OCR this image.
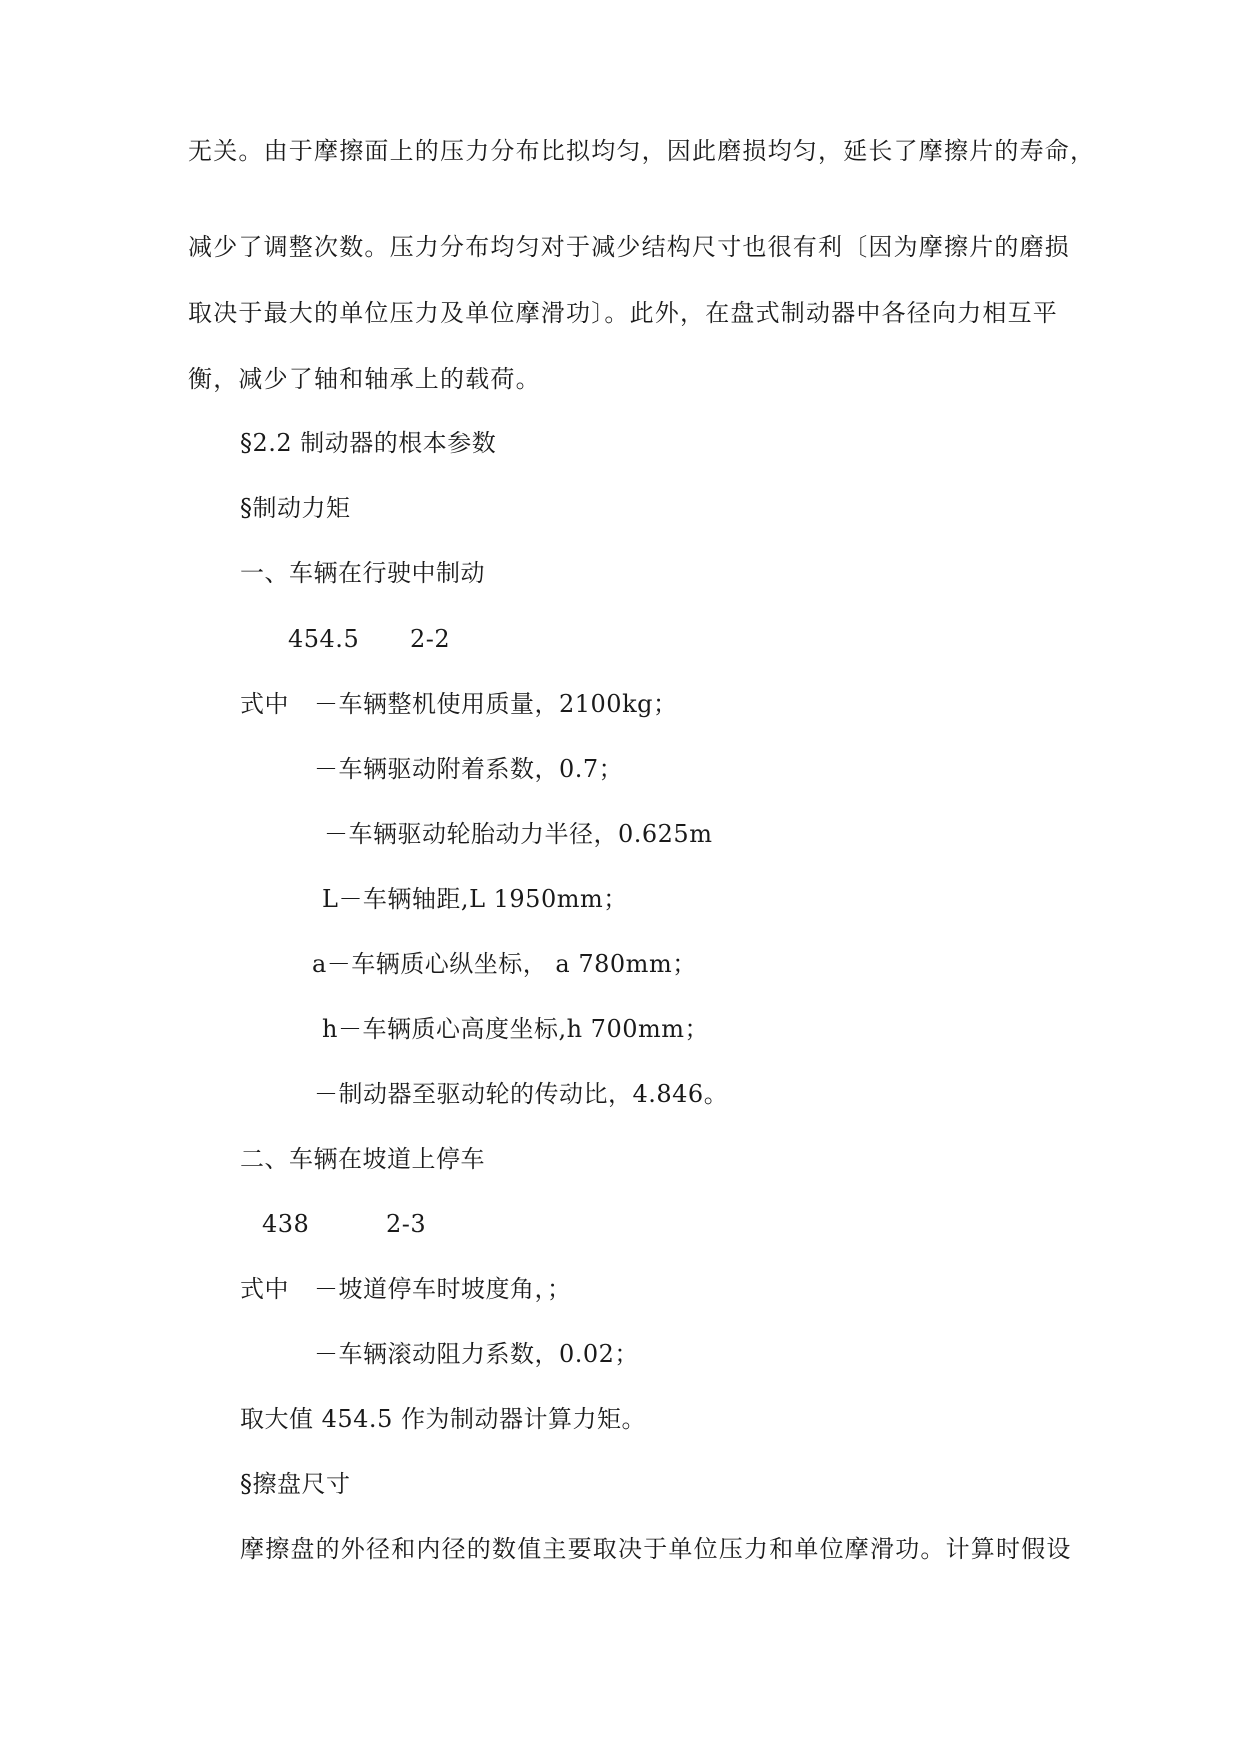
无关。由于摩擦面上的压力分布比拟均匀，因此磨损均匀，延长了摩擦片的寿命，
减少了调整次数。压力分布均匀对于减少结构尺寸也很有利〔因为摩擦片的磨损
取决于最大的单位压力及单位摩滑功〕。此外，在盘式制动器中各径向力相互平
衡，减少了轴和轴承上的载荷。
§2.2 制动器的根本参数
§制动力矩
一、车辆在行驶中制动
454.5 2-2
式中 －车辆整机使用质量，2100kg；
－车辆驱动附着系数，0.7；
－车辆驱动轮胎动力半径，0.625m
L－车辆轴距,L 1950mm；
a－车辆质心纵坐标， a 780mm；
h－车辆质心高度坐标,h 700mm；
－制动器至驱动轮的传动比，4.846。
二、车辆在坡道上停车
438	2-3
式中 －坡道停车时坡度角，；
－车辆滚动阻力系数，0.02；
取大值 454.5 作为制动器计算力矩。
§擦盘尺寸
摩擦盘的外径和内径的数值主要取决于单位压力和单位摩滑功。计算时假设
